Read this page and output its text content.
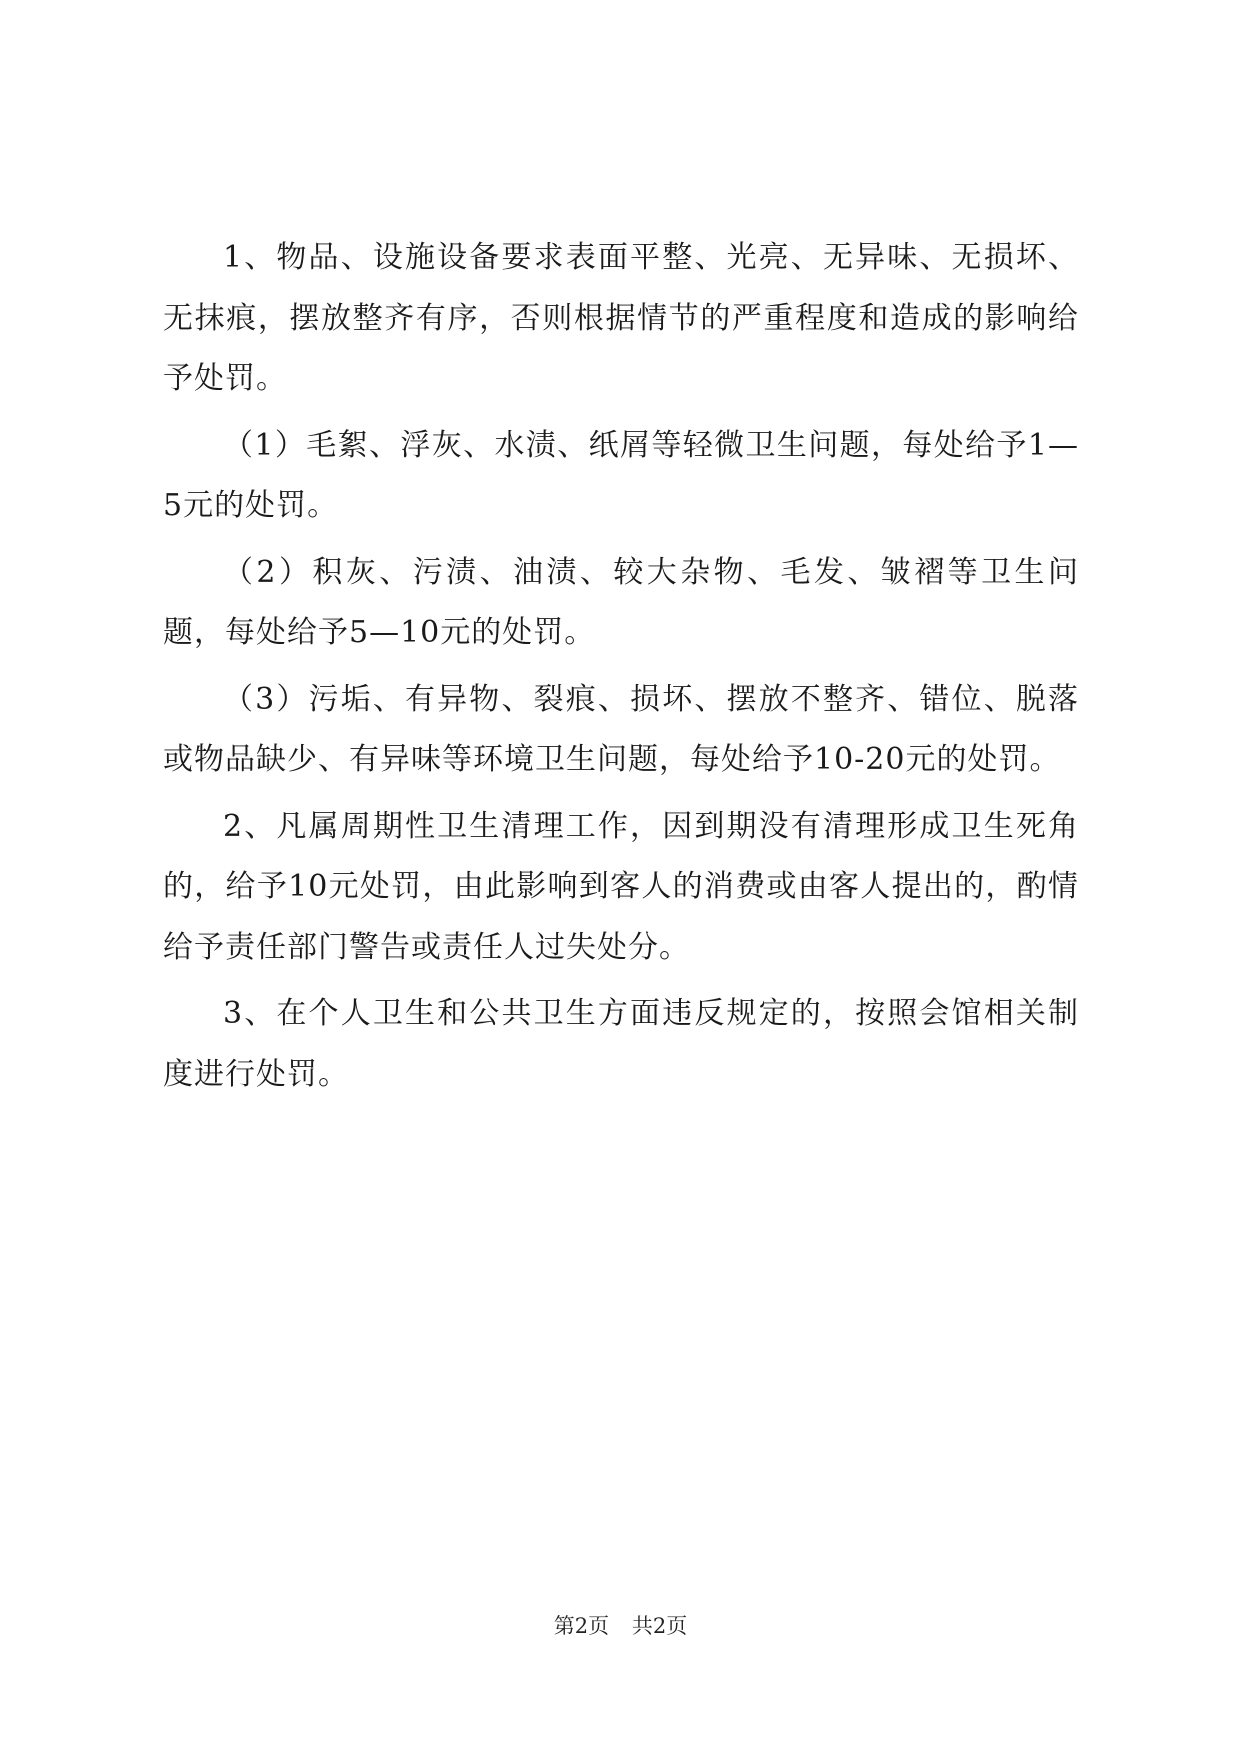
1、物品、设施设备要求表面平整、光亮、无异味、无损坏、无抹痕，摆放整齐有序，否则根据情节的严重程度和造成的影响给予处罚。

（1）毛絮、浮灰、水渍、纸屑等轻微卫生问题，每处给予1—5元的处罚。

（2）积灰、污渍、油渍、较大杂物、毛发、皱褶等卫生问题，每处给予5—10元的处罚。

（3）污垢、有异物、裂痕、损坏、摆放不整齐、错位、脱落或物品缺少、有异味等环境卫生问题，每处给予10-20元的处罚。

2、凡属周期性卫生清理工作，因到期没有清理形成卫生死角的，给予10元处罚，由此影响到客人的消费或由客人提出的，酌情给予责任部门警告或责任人过失处分。

3、在个人卫生和公共卫生方面违反规定的，按照会馆相关制度进行处罚。

第2页 共2页
